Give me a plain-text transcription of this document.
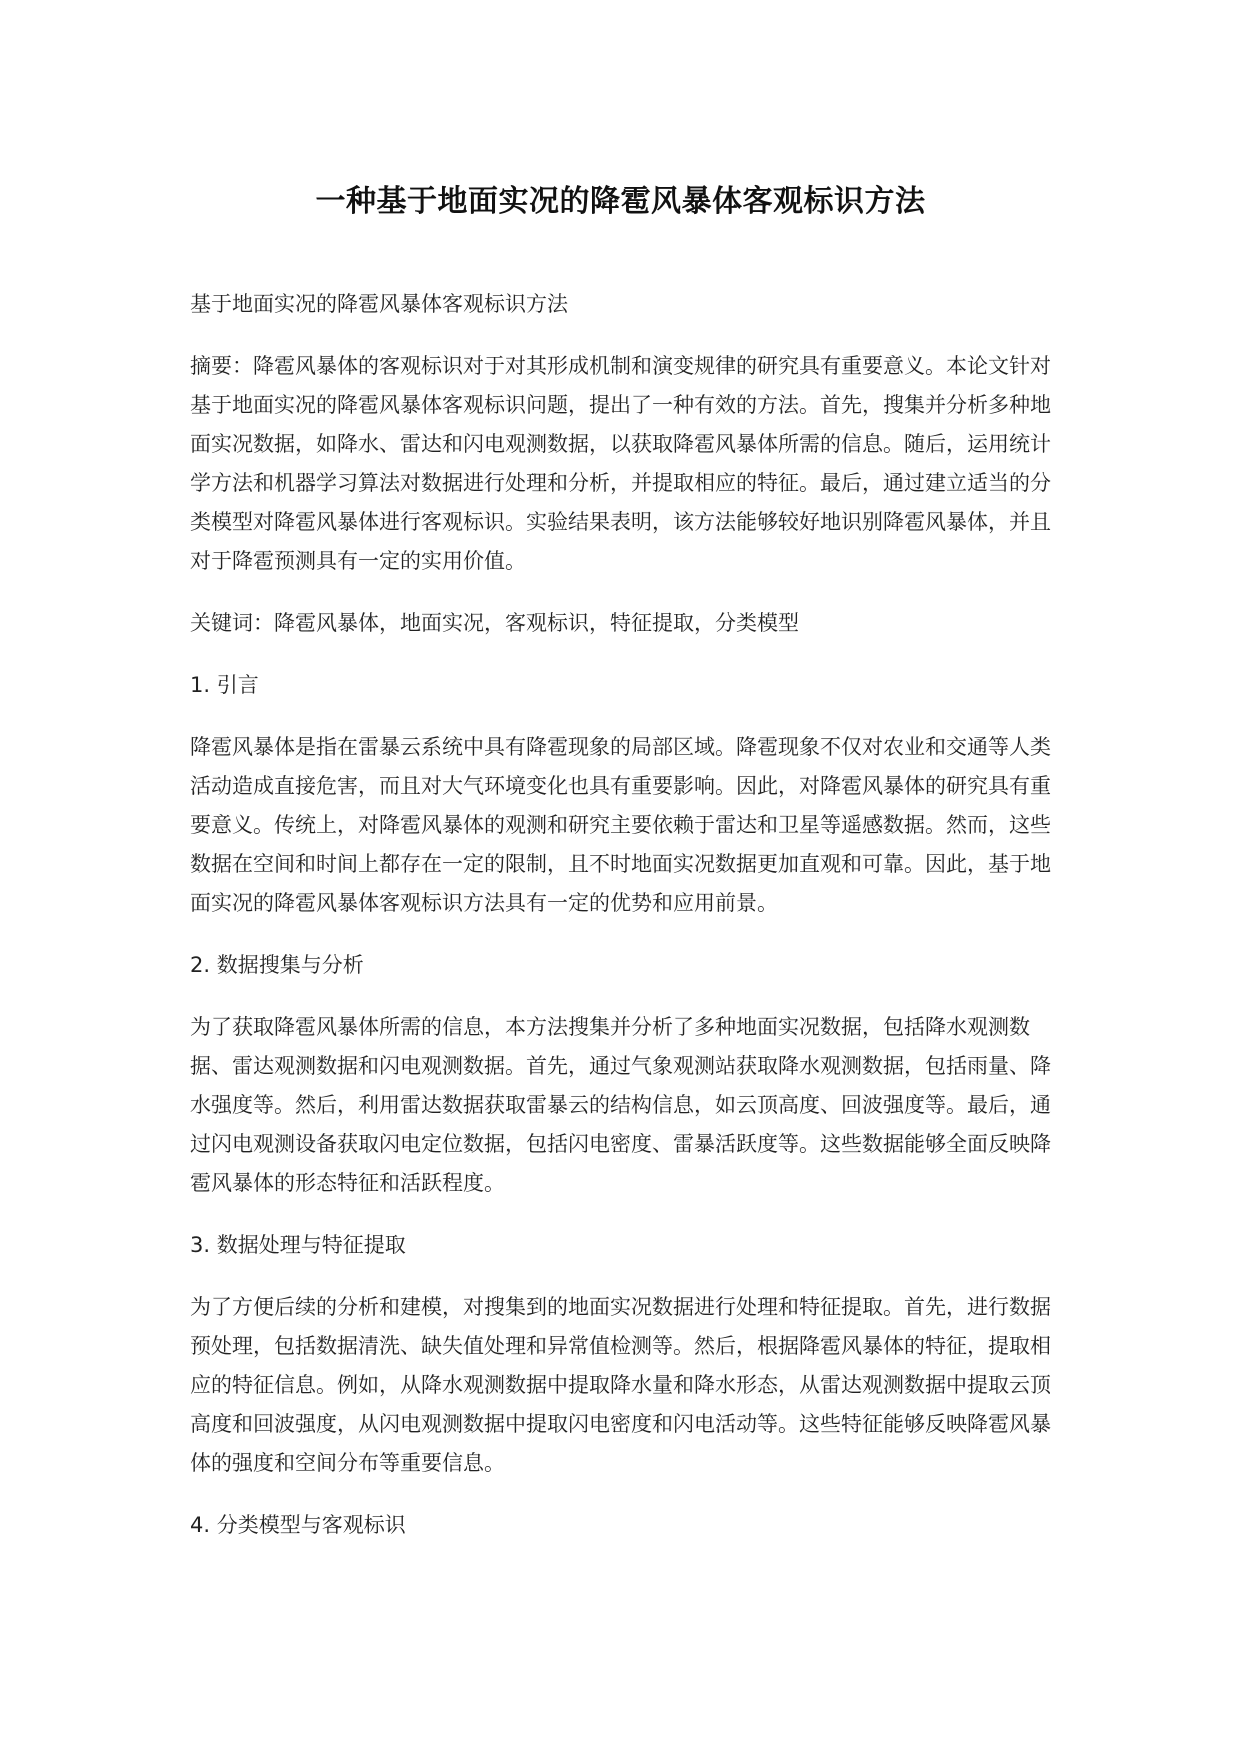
一种基于地面实况的降雹风暴体客观标识方法

基于地面实况的降雹风暴体客观标识方法

摘要：降雹风暴体的客观标识对于对其形成机制和演变规律的研究具有重要意义。本论文针对基于地面实况的降雹风暴体客观标识问题，提出了一种有效的方法。首先，搜集并分析多种地面实况数据，如降水、雷达和闪电观测数据，以获取降雹风暴体所需的信息。随后，运用统计学方法和机器学习算法对数据进行处理和分析，并提取相应的特征。最后，通过建立适当的分类模型对降雹风暴体进行客观标识。实验结果表明，该方法能够较好地识别降雹风暴体，并且对于降雹预测具有一定的实用价值。

关键词：降雹风暴体，地面实况，客观标识，特征提取，分类模型

1. 引言

降雹风暴体是指在雷暴云系统中具有降雹现象的局部区域。降雹现象不仅对农业和交通等人类活动造成直接危害，而且对大气环境变化也具有重要影响。因此，对降雹风暴体的研究具有重要意义。传统上，对降雹风暴体的观测和研究主要依赖于雷达和卫星等遥感数据。然而，这些数据在空间和时间上都存在一定的限制，且不时地面实况数据更加直观和可靠。因此，基于地面实况的降雹风暴体客观标识方法具有一定的优势和应用前景。

2. 数据搜集与分析

为了获取降雹风暴体所需的信息，本方法搜集并分析了多种地面实况数据，包括降水观测数据、雷达观测数据和闪电观测数据。首先，通过气象观测站获取降水观测数据，包括雨量、降水强度等。然后，利用雷达数据获取雷暴云的结构信息，如云顶高度、回波强度等。最后，通过闪电观测设备获取闪电定位数据，包括闪电密度、雷暴活跃度等。这些数据能够全面反映降雹风暴体的形态特征和活跃程度。

3. 数据处理与特征提取

为了方便后续的分析和建模，对搜集到的地面实况数据进行处理和特征提取。首先，进行数据预处理，包括数据清洗、缺失值处理和异常值检测等。然后，根据降雹风暴体的特征，提取相应的特征信息。例如，从降水观测数据中提取降水量和降水形态，从雷达观测数据中提取云顶高度和回波强度，从闪电观测数据中提取闪电密度和闪电活动等。这些特征能够反映降雹风暴体的强度和空间分布等重要信息。

4. 分类模型与客观标识
